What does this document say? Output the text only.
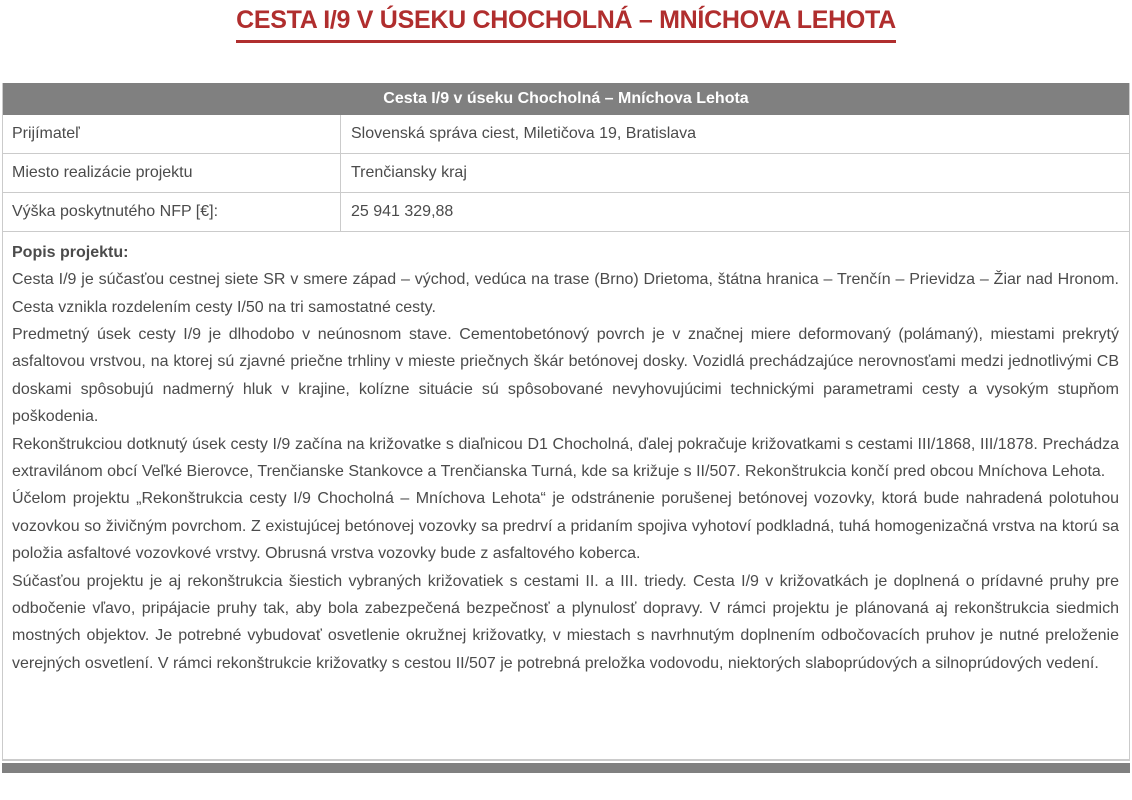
CESTA I/9 V ÚSEKU CHOCHOLNÁ – MNÍCHOVA LEHOTA
Cesta I/9 v úseku Chocholná – Mníchova Lehota
Prijímateľ	Slovenská správa ciest, Miletičova 19, Bratislava
Miesto realizácie projektu	Trenčiansky kraj
Výška poskytnutého NFP [€]:	25 941 329,88
Popis projektu:

Cesta I/9 je súčasťou cestnej siete SR v smere západ – východ, vedúca na trase (Brno) Drietoma, štátna hranica – Trenčín – Prievidza – Žiar nad Hronom. Cesta vznikla rozdelením cesty I/50 na tri samostatné cesty.

Predmetný úsek cesty I/9 je dlhodobo v neúnosnom stave. Cementobetónový povrch je v značnej miere deformovaný (polámaný), miestami prekrytý asfaltovou vrstvou, na ktorej sú zjavné priečne trhliny v mieste priečnych škár betónovej dosky. Vozidlá prechádzajúce nerovnosťami medzi jednotlivými CB doskami spôsobujú nadmerný hluk v krajine, kolízne situácie sú spôsobované nevyhovujúcimi technickými parametrami cesty a vysokým stupňom poškodenia.

Rekonštrukciou dotknutý úsek cesty I/9 začína na križovatke s diaľnicou D1 Chocholná, ďalej pokračuje križovatkami s cestami III/1868, III/1878. Prechádza extravilánom obcí Veľké Bierovce, Trenčianske Stankovce a Trenčianska Turná, kde sa križuje s II/507. Rekonštrukcia končí pred obcou Mníchova Lehota.

Účelom projektu „Rekonštrukcia cesty I/9 Chocholná – Mníchova Lehota“ je odstránenie porušenej betónovej vozovky, ktorá bude nahradená polotuhou vozovkou so živičným povrchom. Z existujúcej betónovej vozovky sa predrví a pridaním spojiva vyhotoví podkladná, tuhá homogenizačná vrstva na ktorú sa položia asfaltové vozovkové vrstvy. Obrusná vrstva vozovky bude z asfaltového koberca.

Súčasťou projektu je aj rekonštrukcia šiestich vybraných križovatiek s cestami II. a III. triedy. Cesta I/9 v križovatkách je doplnená o prídavné pruhy pre odbočenie vľavo, pripájacie pruhy tak, aby bola zabezpečená bezpečnosť a plynulosť dopravy. V rámci projektu je plánovaná aj rekonštrukcia siedmich mostných objektov. Je potrebné vybudovať osvetlenie okružnej križovatky, v miestach s navrhnutým doplnením odbočovacích pruhov je nutné preloženie verejných osvetlení. V rámci rekonštrukcie križovatky s cestou II/507 je potrebná preložka vodovodu, niektorých slaboprúdových a silnoprúdových vedení.
